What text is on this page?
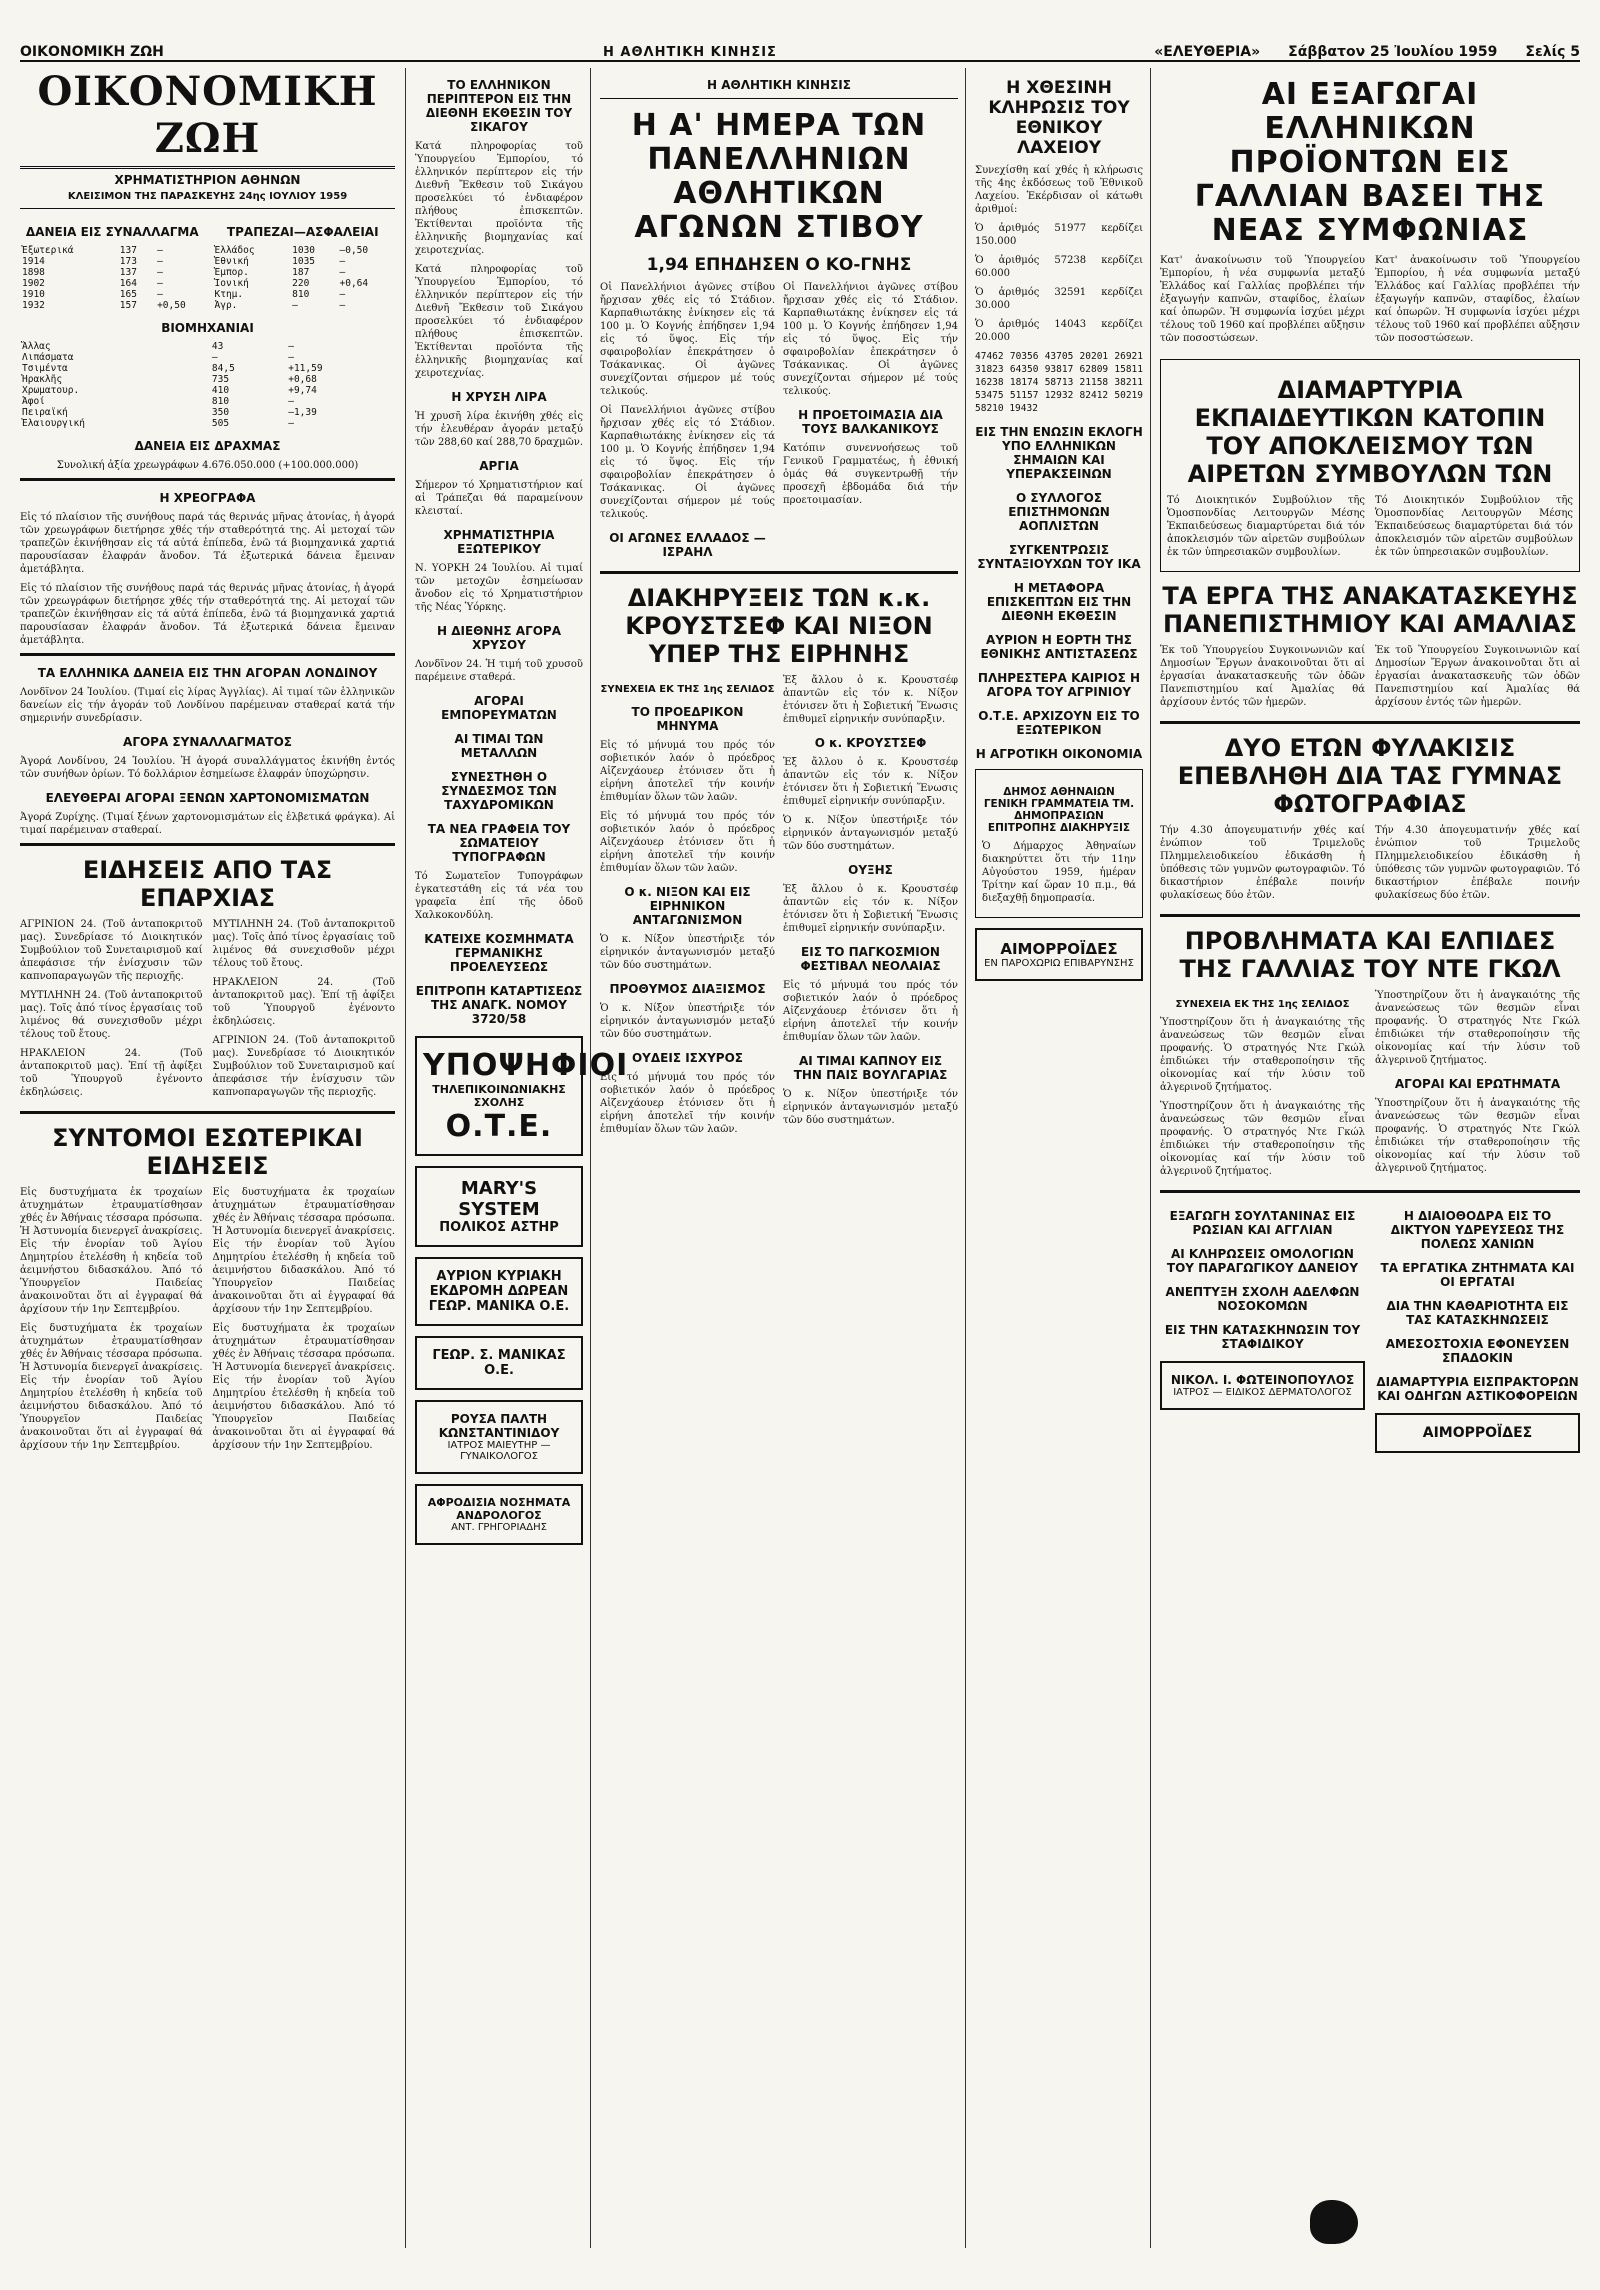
ΟΙΚΟΝΟΜΙΚΗ ΖΩΗ	Η ΑΘΛΗΤΙΚΗ ΚΙΝΗΣΙΣ	«ΕΛΕΥΘΕΡΙΑ» Σάββατον 25 Ἰουλίου 1959 Σελίς 5
ΟΙΚΟΝΟΜΙΚΗ ΖΩΗ
ΧΡΗΜΑΤΙΣΤΗΡΙΟΝ ΑΘΗΝΩΝ
ΚΛΕΙΣΙΜΟΝ ΤΗΣ ΠΑΡΑΣΚΕΥΗΣ 24ης ΙΟΥΛΙΟΥ 1959
ΔΑΝΕΙΑ ΕΙΣ ΣΥΝΑΛΛΑΓΜΑ	ΤΡΑΠΕΖΑΙ—ΑΣΦΑΛΕΙΑΙ
Ἐξωτερικά	137	—	Ἑλλάδος	1030	—0,50
1914	173	—	Ἐθνική	1035	—
1898	137	—	Ἐμπορ.	187	—
1902	164	—	Ἰονική	220	+0,64
1910	165	—	Κτημ.	810	—
1932	157	+0,50	Ἀγρ.	—	—
ΒΙΟΜΗΧΑΝΙΑΙ
Ἄλλας	43	—
Λιπάσματα	—	—
Τσιμέντα	84,5	+11,59
Ἡρακλῆς	735	+0,68
Χρωματουρ.	410	+9,74
Ἀφοί	810	—
Πειραϊκή	350	—1,39
Ἐλαιουργική	505	—
ΔΑΝΕΙΑ ΕΙΣ ΔΡΑΧΜΑΣ
Συνολική ἀξία χρεωγράφων 4.676.050.000 (+100.000.000)
Η ΧΡΕΟΓΡΑΦΑ

Εἰς τό πλαίσιον τῆς συνήθους παρά τάς θερινάς μῆνας ἀτονίας, ἡ ἀγορά τῶν χρεωγράφων διετήρησε χθές τήν σταθερότητά της. Αἱ μετοχαί τῶν τραπεζῶν ἐκινήθησαν εἰς τά αὐτά ἐπίπεδα, ἐνῶ τά βιομηχανικά χαρτιά παρουσίασαν ἐλαφράν ἄνοδον. Τά ἐξωτερικά δάνεια ἔμειναν ἀμετάβλητα.

Εἰς τό πλαίσιον τῆς συνήθους παρά τάς θερινάς μῆνας ἀτονίας, ἡ ἀγορά τῶν χρεωγράφων διετήρησε χθές τήν σταθερότητά της. Αἱ μετοχαί τῶν τραπεζῶν ἐκινήθησαν εἰς τά αὐτά ἐπίπεδα, ἐνῶ τά βιομηχανικά χαρτιά παρουσίασαν ἐλαφράν ἄνοδον. Τά ἐξωτερικά δάνεια ἔμειναν ἀμετάβλητα.

ΤΑ ΕΛΛΗΝΙΚΑ ΔΑΝΕΙΑ ΕΙΣ ΤΗΝ ΑΓΟΡΑΝ ΛΟΝΔΙΝΟΥ

Λονδῖνον 24 Ἰουλίου. (Τιμαί εἰς λίρας Ἀγγλίας). Αἱ τιμαί τῶν ἑλληνικῶν δανείων εἰς τήν ἀγοράν τοῦ Λονδίνου παρέμειναν σταθεραί κατά τήν σημερινήν συνεδρίασιν.

ΑΓΟΡΑ ΣΥΝΑΛΛΑΓΜΑΤΟΣ

Ἀγορά Λονδίνου, 24 Ἰουλίου. Ἡ ἀγορά συναλλάγματος ἐκινήθη ἐντός τῶν συνήθων ὁρίων. Τό δολλάριον ἐσημείωσε ἐλαφράν ὑποχώρησιν.

ΕΛΕΥΘΕΡΑΙ ΑΓΟΡΑΙ ΞΕΝΩΝ ΧΑΡΤΟΝΟΜΙΣΜΑΤΩΝ

Ἀγορά Ζυρίχης. (Τιμαί ξένων χαρτονομισμάτων εἰς ἑλβετικά φράγκα). Αἱ τιμαί παρέμειναν σταθεραί.

ΕΙΔΗΣΕΙΣ ΑΠΟ ΤΑΣ ΕΠΑΡΧΙΑΣ

ΑΓΡΙΝΙΟΝ 24. (Τοῦ ἀνταποκριτοῦ μας). Συνεδρίασε τό Διοικητικόν Συμβούλιον τοῦ Συνεταιρισμοῦ καί ἀπεφάσισε τήν ἐνίσχυσιν τῶν καπνοπαραγωγῶν τῆς περιοχῆς.

ΜΥΤΙΛΗΝΗ 24. (Τοῦ ἀνταποκριτοῦ μας). Τοῖς ἀπό τίνος ἐργασίαις τοῦ λιμένος θά συνεχισθοῦν μέχρι τέλους τοῦ ἔτους.

ΗΡΑΚΛΕΙΟΝ 24. (Τοῦ ἀνταποκριτοῦ μας). Ἐπί τῇ ἀφίξει τοῦ Ὑπουργοῦ ἐγένοντο ἐκδηλώσεις.

ΜΥΤΙΛΗΝΗ 24. (Τοῦ ἀνταποκριτοῦ μας). Τοῖς ἀπό τίνος ἐργασίαις τοῦ λιμένος θά συνεχισθοῦν μέχρι τέλους τοῦ ἔτους.

ΗΡΑΚΛΕΙΟΝ 24. (Τοῦ ἀνταποκριτοῦ μας). Ἐπί τῇ ἀφίξει τοῦ Ὑπουργοῦ ἐγένοντο ἐκδηλώσεις.

ΑΓΡΙΝΙΟΝ 24. (Τοῦ ἀνταποκριτοῦ μας). Συνεδρίασε τό Διοικητικόν Συμβούλιον τοῦ Συνεταιρισμοῦ καί ἀπεφάσισε τήν ἐνίσχυσιν τῶν καπνοπαραγωγῶν τῆς περιοχῆς.

ΣΥΝΤΟΜΟΙ ΕΣΩΤΕΡΙΚΑΙ ΕΙΔΗΣΕΙΣ

Εἰς δυστυχήματα ἐκ τροχαίων ἀτυχημάτων ἐτραυματίσθησαν χθές ἐν Ἀθήναις τέσσαρα πρόσωπα. Ἡ Ἀστυνομία διενεργεῖ ἀνακρίσεις. Εἰς τήν ἐνορίαν τοῦ Ἁγίου Δημητρίου ἐτελέσθη ἡ κηδεία τοῦ ἀειμνήστου διδασκάλου. Ἀπό τό Ὑπουργεῖον Παιδείας ἀνακοινοῦται ὅτι αἱ ἐγγραφαί θά ἀρχίσουν τήν 1ην Σεπτεμβρίου.

Εἰς δυστυχήματα ἐκ τροχαίων ἀτυχημάτων ἐτραυματίσθησαν χθές ἐν Ἀθήναις τέσσαρα πρόσωπα. Ἡ Ἀστυνομία διενεργεῖ ἀνακρίσεις. Εἰς τήν ἐνορίαν τοῦ Ἁγίου Δημητρίου ἐτελέσθη ἡ κηδεία τοῦ ἀειμνήστου διδασκάλου. Ἀπό τό Ὑπουργεῖον Παιδείας ἀνακοινοῦται ὅτι αἱ ἐγγραφαί θά ἀρχίσουν τήν 1ην Σεπτεμβρίου.

Εἰς δυστυχήματα ἐκ τροχαίων ἀτυχημάτων ἐτραυματίσθησαν χθές ἐν Ἀθήναις τέσσαρα πρόσωπα. Ἡ Ἀστυνομία διενεργεῖ ἀνακρίσεις. Εἰς τήν ἐνορίαν τοῦ Ἁγίου Δημητρίου ἐτελέσθη ἡ κηδεία τοῦ ἀειμνήστου διδασκάλου. Ἀπό τό Ὑπουργεῖον Παιδείας ἀνακοινοῦται ὅτι αἱ ἐγγραφαί θά ἀρχίσουν τήν 1ην Σεπτεμβρίου.

Εἰς δυστυχήματα ἐκ τροχαίων ἀτυχημάτων ἐτραυματίσθησαν χθές ἐν Ἀθήναις τέσσαρα πρόσωπα. Ἡ Ἀστυνομία διενεργεῖ ἀνακρίσεις. Εἰς τήν ἐνορίαν τοῦ Ἁγίου Δημητρίου ἐτελέσθη ἡ κηδεία τοῦ ἀειμνήστου διδασκάλου. Ἀπό τό Ὑπουργεῖον Παιδείας ἀνακοινοῦται ὅτι αἱ ἐγγραφαί θά ἀρχίσουν τήν 1ην Σεπτεμβρίου.

ΤΟ ΕΛΛΗΝΙΚΟΝ ΠΕΡΙΠΤΕΡΟΝ ΕΙΣ ΤΗΝ ΔΙΕΘΝΗ ΕΚΘΕΣΙΝ ΤΟΥ ΣΙΚΑΓΟΥ

Κατά πληροφορίας τοῦ Ὑπουργείου Ἐμπορίου, τό ἑλληνικόν περίπτερον εἰς τήν Διεθνῆ Ἔκθεσιν τοῦ Σικάγου προσελκύει τό ἐνδιαφέρον πλήθους ἐπισκεπτῶν. Ἐκτίθενται προϊόντα τῆς ἑλληνικῆς βιομηχανίας καί χειροτεχνίας.

Κατά πληροφορίας τοῦ Ὑπουργείου Ἐμπορίου, τό ἑλληνικόν περίπτερον εἰς τήν Διεθνῆ Ἔκθεσιν τοῦ Σικάγου προσελκύει τό ἐνδιαφέρον πλήθους ἐπισκεπτῶν. Ἐκτίθενται προϊόντα τῆς ἑλληνικῆς βιομηχανίας καί χειροτεχνίας.

Η ΧΡΥΣΗ ΛΙΡΑ

Ἡ χρυσῆ λίρα ἐκινήθη χθές εἰς τήν ἐλευθέραν ἀγοράν μεταξύ τῶν 288,60 καί 288,70 δραχμῶν.

ΑΡΓΙΑ

Σήμερον τό Χρηματιστήριον καί αἱ Τράπεζαι θά παραμείνουν κλεισταί.

ΧΡΗΜΑΤΙΣΤΗΡΙΑ ΕΞΩΤΕΡΙΚΟΥ

Ν. ΥΟΡΚΗ 24 Ἰουλίου. Αἱ τιμαί τῶν μετοχῶν ἐσημείωσαν ἄνοδον εἰς τό Χρηματιστήριον τῆς Νέας Ὑόρκης.

Η ΔΙΕΘΝΗΣ ΑΓΟΡΑ ΧΡΥΣΟΥ

Λονδῖνον 24. Ἡ τιμή τοῦ χρυσοῦ παρέμεινε σταθερά.

ΑΓΟΡΑΙ ΕΜΠΟΡΕΥΜΑΤΩΝ
ΑΙ ΤΙΜΑΙ ΤΩΝ ΜΕΤΑΛΛΩΝ
ΣΥΝΕΣΤΗΘΗ Ο ΣΥΝΔΕΣΜΟΣ ΤΩΝ ΤΑΧΥΔΡΟΜΙΚΩΝ
ΤΑ ΝΕΑ ΓΡΑΦΕΙΑ ΤΟΥ ΣΩΜΑΤΕΙΟΥ ΤΥΠΟΓΡΑΦΩΝ

Τό Σωματεῖον Τυπογράφων ἐγκατεστάθη εἰς τά νέα του γραφεῖα ἐπί τῆς ὁδοῦ Χαλκοκονδύλη.

ΚΑΤΕΙΧΕ ΚΟΣΜΗΜΑΤΑ ΓΕΡΜΑΝΙΚΗΣ ΠΡΟΕΛΕΥΣΕΩΣ
ΕΠΙΤΡΟΠΗ ΚΑΤΑΡΤΙΣΕΩΣ ΤΗΣ ΑΝΑΓΚ. ΝΟΜΟΥ 3720/58
ΥΠΟΨΗΦΙΟΙ
ΤΗΛΕΠΙΚΟΙΝΩΝΙΑΚΗΣ ΣΧΟΛΗΣ
Ο.Τ.Ε.
MARY'S SYSTEM
ΠΟΛΙΚΟΣ ΑΣΤΗΡ
ΑΥΡΙΟΝ ΚΥΡΙΑΚΗ ΕΚΔΡΟΜΗ ΔΩΡΕΑΝ
ΓΕΩΡ. ΜΑΝΙΚΑ Ο.Ε.
ΓΕΩΡ. Σ. ΜΑΝΙΚΑΣ Ο.Ε.
ΡΟΥΣΑ ΠΑΛΤΗ ΚΩΝΣΤΑΝΤΙΝΙΔΟΥ
ΙΑΤΡΟΣ ΜΑΙΕΥΤΗΡ — ΓΥΝΑΙΚΟΛΟΓΟΣ
ΑΦΡΟΔΙΣΙΑ ΝΟΣΗΜΑΤΑ ΑΝΔΡΟΛΟΓΟΣ
ΑΝΤ. ΓΡΗΓΟΡΙΑΔΗΣ
Η ΑΘΛΗΤΙΚΗ ΚΙΝΗΣΙΣ
Η Α' ΗΜΕΡΑ ΤΩΝ ΠΑΝΕΛΛΗΝΙΩΝ ΑΘΛΗΤΙΚΩΝ ΑΓΩΝΩΝ ΣΤΙΒΟΥ
1,94 ΕΠΗΔΗΣΕΝ Ο ΚΟ-ΓΝΗΣ

Οἱ Πανελλήνιοι ἀγῶνες στίβου ἤρχισαν χθές εἰς τό Στάδιον. Καρπαθιωτάκης ἐνίκησεν εἰς τά 100 μ. Ὁ Κογνής ἐπήδησεν 1,94 εἰς τό ὕψος. Εἰς τήν σφαιροβολίαν ἐπεκράτησεν ὁ Τσάκανικας. Οἱ ἀγῶνες συνεχίζονται σήμερον μέ τούς τελικούς.

Οἱ Πανελλήνιοι ἀγῶνες στίβου ἤρχισαν χθές εἰς τό Στάδιον. Καρπαθιωτάκης ἐνίκησεν εἰς τά 100 μ. Ὁ Κογνής ἐπήδησεν 1,94 εἰς τό ὕψος. Εἰς τήν σφαιροβολίαν ἐπεκράτησεν ὁ Τσάκανικας. Οἱ ἀγῶνες συνεχίζονται σήμερον μέ τούς τελικούς.

ΟΙ ΑΓΩΝΕΣ ΕΛΛΑΔΟΣ — ΙΣΡΑΗΛ

Οἱ Πανελλήνιοι ἀγῶνες στίβου ἤρχισαν χθές εἰς τό Στάδιον. Καρπαθιωτάκης ἐνίκησεν εἰς τά 100 μ. Ὁ Κογνής ἐπήδησεν 1,94 εἰς τό ὕψος. Εἰς τήν σφαιροβολίαν ἐπεκράτησεν ὁ Τσάκανικας. Οἱ ἀγῶνες συνεχίζονται σήμερον μέ τούς τελικούς.

Η ΠΡΟΕΤΟΙΜΑΣΙΑ ΔΙΑ ΤΟΥΣ ΒΑΛΚΑΝΙΚΟΥΣ

Κατόπιν συνεννοήσεως τοῦ Γενικοῦ Γραμματέως, ἡ ἐθνική ὁμάς θά συγκεντρωθῇ τήν προσεχῆ ἑβδομάδα διά τήν προετοιμασίαν.

ΔΙΑΚΗΡΥΞΕΙΣ ΤΩΝ κ.κ. ΚΡΟΥΣΤΣΕΦ ΚΑΙ ΝΙΞΟΝ ΥΠΕΡ ΤΗΣ ΕΙΡΗΝΗΣ
ΣΥΝΕΧΕΙΑ ΕΚ ΤΗΣ 1ης ΣΕΛΙΔΟΣ
ΤΟ ΠΡΟΕΔΡΙΚΟΝ ΜΗΝΥΜΑ

Εἰς τό μήνυμά του πρός τόν σοβιετικόν λαόν ὁ πρόεδρος Αἰζενχάουερ ἐτόνισεν ὅτι ἡ εἰρήνη ἀποτελεῖ τήν κοινήν ἐπιθυμίαν ὅλων τῶν λαῶν.

Εἰς τό μήνυμά του πρός τόν σοβιετικόν λαόν ὁ πρόεδρος Αἰζενχάουερ ἐτόνισεν ὅτι ἡ εἰρήνη ἀποτελεῖ τήν κοινήν ἐπιθυμίαν ὅλων τῶν λαῶν.

Ο κ. ΝΙΞΟΝ ΚΑΙ ΕΙΣ ΕΙΡΗΝΙΚΟΝ ΑΝΤΑΓΩΝΙΣΜΟΝ

Ὁ κ. Νίξον ὑπεστήριξε τόν εἰρηνικόν ἀνταγωνισμόν μεταξύ τῶν δύο συστημάτων.

ΠΡΟΘΥΜΟΣ ΔΙΑΞΙΣΜΟΣ

Ὁ κ. Νίξον ὑπεστήριξε τόν εἰρηνικόν ἀνταγωνισμόν μεταξύ τῶν δύο συστημάτων.

ΟΥΔΕΙΣ ΙΣΧΥΡΟΣ

Εἰς τό μήνυμά του πρός τόν σοβιετικόν λαόν ὁ πρόεδρος Αἰζενχάουερ ἐτόνισεν ὅτι ἡ εἰρήνη ἀποτελεῖ τήν κοινήν ἐπιθυμίαν ὅλων τῶν λαῶν.

Ἐξ ἄλλου ὁ κ. Κρουστσέφ ἀπαντῶν εἰς τόν κ. Νίξον ἐτόνισεν ὅτι ἡ Σοβιετική Ἕνωσις ἐπιθυμεῖ εἰρηνικήν συνύπαρξιν.

Ο κ. ΚΡΟΥΣΤΣΕΦ

Ἐξ ἄλλου ὁ κ. Κρουστσέφ ἀπαντῶν εἰς τόν κ. Νίξον ἐτόνισεν ὅτι ἡ Σοβιετική Ἕνωσις ἐπιθυμεῖ εἰρηνικήν συνύπαρξιν.

Ὁ κ. Νίξον ὑπεστήριξε τόν εἰρηνικόν ἀνταγωνισμόν μεταξύ τῶν δύο συστημάτων.

ΟΥΞΗΣ

Ἐξ ἄλλου ὁ κ. Κρουστσέφ ἀπαντῶν εἰς τόν κ. Νίξον ἐτόνισεν ὅτι ἡ Σοβιετική Ἕνωσις ἐπιθυμεῖ εἰρηνικήν συνύπαρξιν.

ΕΙΣ ΤΟ ΠΑΓΚΟΣΜΙΟΝ ΦΕΣΤΙΒΑΛ ΝΕΟΛΑΙΑΣ

Εἰς τό μήνυμά του πρός τόν σοβιετικόν λαόν ὁ πρόεδρος Αἰζενχάουερ ἐτόνισεν ὅτι ἡ εἰρήνη ἀποτελεῖ τήν κοινήν ἐπιθυμίαν ὅλων τῶν λαῶν.

ΑΙ ΤΙΜΑΙ ΚΑΠΝΟΥ ΕΙΣ ΤΗΝ ΠΑΙΣ ΒΟΥΛΓΑΡΙΑΣ

Ὁ κ. Νίξον ὑπεστήριξε τόν εἰρηνικόν ἀνταγωνισμόν μεταξύ τῶν δύο συστημάτων.

Η ΧΘΕΣΙΝΗ ΚΛΗΡΩΣΙΣ ΤΟΥ ΕΘΝΙΚΟΥ ΛΑΧΕΙΟΥ

Συνεχίσθη καί χθές ἡ κλήρωσις τῆς 4ης ἐκδόσεως τοῦ Ἐθνικοῦ Λαχείου. Ἐκέρδισαν οἱ κάτωθι ἀριθμοί:

Ὁ ἀριθμός 51977 κερδίζει 150.000

Ὁ ἀριθμός 57238 κερδίζει 60.000

Ὁ ἀριθμός 32591 κερδίζει 30.000

Ὁ ἀριθμός 14043 κερδίζει 20.000

47462 70356 43705 20201 26921 31823 64350 93817 62809 15811 16238 18174 58713 21158 38211 53475 51157 12932 82412 50219 58210 19432

ΕΙΣ ΤΗΝ ΕΝΩΣΙΝ ΕΚΛΟΓΗ ΥΠΟ ΕΛΛΗΝΙΚΩΝ ΣΗΜΑΙΩΝ ΚΑΙ ΥΠΕΡΑΚΣΕΙΝΩΝ
Ο ΣΥΛΛΟΓΟΣ ΕΠΙΣΤΗΜΟΝΩΝ ΑΟΠΛΙΣΤΩΝ
ΣΥΓΚΕΝΤΡΩΣΙΣ ΣΥΝΤΑΞΙΟΥΧΩΝ ΤΟΥ ΙΚΑ
Η ΜΕΤΑΦΟΡΑ ΕΠΙΣΚΕΠΤΩΝ ΕΙΣ ΤΗΝ ΔΙΕΘΝΗ ΕΚΘΕΣΙΝ
ΑΥΡΙΟΝ Η ΕΟΡΤΗ ΤΗΣ ΕΘΝΙΚΗΣ ΑΝΤΙΣΤΑΣΕΩΣ
ΠΛΗΡΕΣΤΕΡΑ ΚΑΙΡΙΟΣ Η ΑΓΟΡΑ ΤΟΥ ΑΓΡΙΝΙΟΥ
Ο.Τ.Ε. ΑΡΧΙΖΟΥΝ ΕΙΣ ΤΟ ΕΞΩΤΕΡΙΚΟΝ
Η ΑΓΡΟΤΙΚΗ ΟΙΚΟΝΟΜΙΑ
ΔΗΜΟΣ ΑΘΗΝΑΙΩΝ ΓΕΝΙΚΗ ΓΡΑΜΜΑΤΕΙΑ ΤΜ. ΔΗΜΟΠΡΑΣΙΩΝ ΕΠΙΤΡΟΠΗΣ ΔΙΑΚΗΡΥΞΙΣ

Ὁ Δήμαρχος Ἀθηναίων διακηρύττει ὅτι τήν 11ην Αὐγούστου 1959, ἡμέραν Τρίτην καί ὥραν 10 π.μ., θά διεξαχθῇ δημοπρασία.

ΑΙΜΟΡΡΟΪΔΕΣ
ΕΝ ΠΑΡΟΧΩΡΙΩ ΕΠΙΒΑΡΥΝΣΗΣ
ΑΙ ΕΞΑΓΩΓΑΙ ΕΛΛΗΝΙΚΩΝ ΠΡΟΪΟΝΤΩΝ ΕΙΣ ΓΑΛΛΙΑΝ ΒΑΣΕΙ ΤΗΣ ΝΕΑΣ ΣΥΜΦΩΝΙΑΣ

Κατ' ἀνακοίνωσιν τοῦ Ὑπουργείου Ἐμπορίου, ἡ νέα συμφωνία μεταξύ Ἑλλάδος καί Γαλλίας προβλέπει τήν ἐξαγωγήν καπνῶν, σταφίδος, ἐλαίων καί ὀπωρῶν. Ἡ συμφωνία ἰσχύει μέχρι τέλους τοῦ 1960 καί προβλέπει αὔξησιν τῶν ποσοστώσεων.

Κατ' ἀνακοίνωσιν τοῦ Ὑπουργείου Ἐμπορίου, ἡ νέα συμφωνία μεταξύ Ἑλλάδος καί Γαλλίας προβλέπει τήν ἐξαγωγήν καπνῶν, σταφίδος, ἐλαίων καί ὀπωρῶν. Ἡ συμφωνία ἰσχύει μέχρι τέλους τοῦ 1960 καί προβλέπει αὔξησιν τῶν ποσοστώσεων.

ΔΙΑΜΑΡΤΥΡΙΑ ΕΚΠΑΙΔΕΥΤΙΚΩΝ ΚΑΤΟΠΙΝ ΤΟΥ ΑΠΟΚΛΕΙΣΜΟΥ ΤΩΝ ΑΙΡΕΤΩΝ ΣΥΜΒΟΥΛΩΝ ΤΩΝ

Τό Διοικητικόν Συμβούλιον τῆς Ὁμοσπονδίας Λειτουργῶν Μέσης Ἐκπαιδεύσεως διαμαρτύρεται διά τόν ἀποκλεισμόν τῶν αἱρετῶν συμβούλων ἐκ τῶν ὑπηρεσιακῶν συμβουλίων.

Τό Διοικητικόν Συμβούλιον τῆς Ὁμοσπονδίας Λειτουργῶν Μέσης Ἐκπαιδεύσεως διαμαρτύρεται διά τόν ἀποκλεισμόν τῶν αἱρετῶν συμβούλων ἐκ τῶν ὑπηρεσιακῶν συμβουλίων.

ΤΑ ΕΡΓΑ ΤΗΣ ΑΝΑΚΑΤΑΣΚΕΥΗΣ ΠΑΝΕΠΙΣΤΗΜΙΟΥ ΚΑΙ ΑΜΑΛΙΑΣ

Ἐκ τοῦ Ὑπουργείου Συγκοινωνιῶν καί Δημοσίων Ἔργων ἀνακοινοῦται ὅτι αἱ ἐργασίαι ἀνακατασκευῆς τῶν ὁδῶν Πανεπιστημίου καί Ἀμαλίας θά ἀρχίσουν ἐντός τῶν ἡμερῶν.

Ἐκ τοῦ Ὑπουργείου Συγκοινωνιῶν καί Δημοσίων Ἔργων ἀνακοινοῦται ὅτι αἱ ἐργασίαι ἀνακατασκευῆς τῶν ὁδῶν Πανεπιστημίου καί Ἀμαλίας θά ἀρχίσουν ἐντός τῶν ἡμερῶν.

ΔΥΟ ΕΤΩΝ ΦΥΛΑΚΙΣΙΣ ΕΠΕΒΛΗΘΗ ΔΙΑ ΤΑΣ ΓΥΜΝΑΣ ΦΩΤΟΓΡΑΦΙΑΣ

Τήν 4.30 ἀπογευματινήν χθές καί ἐνώπιον τοῦ Τριμελοῦς Πλημμελειοδικείου ἐδικάσθη ἡ ὑπόθεσις τῶν γυμνῶν φωτογραφιῶν. Τό δικαστήριον ἐπέβαλε ποινήν φυλακίσεως δύο ἐτῶν.

Τήν 4.30 ἀπογευματινήν χθές καί ἐνώπιον τοῦ Τριμελοῦς Πλημμελειοδικείου ἐδικάσθη ἡ ὑπόθεσις τῶν γυμνῶν φωτογραφιῶν. Τό δικαστήριον ἐπέβαλε ποινήν φυλακίσεως δύο ἐτῶν.

ΠΡΟΒΛΗΜΑΤΑ ΚΑΙ ΕΛΠΙΔΕΣ ΤΗΣ ΓΑΛΛΙΑΣ ΤΟΥ ΝΤΕ ΓΚΩΛ
ΣΥΝΕΧΕΙΑ ΕΚ ΤΗΣ 1ης ΣΕΛΙΔΟΣ

Ὑποστηρίζουν ὅτι ἡ ἀναγκαιότης τῆς ἀνανεώσεως τῶν θεσμῶν εἶναι προφανής. Ὁ στρατηγός Ντε Γκώλ ἐπιδιώκει τήν σταθεροποίησιν τῆς οἰκονομίας καί τήν λύσιν τοῦ ἀλγερινοῦ ζητήματος.

Ὑποστηρίζουν ὅτι ἡ ἀναγκαιότης τῆς ἀνανεώσεως τῶν θεσμῶν εἶναι προφανής. Ὁ στρατηγός Ντε Γκώλ ἐπιδιώκει τήν σταθεροποίησιν τῆς οἰκονομίας καί τήν λύσιν τοῦ ἀλγερινοῦ ζητήματος.

Ὑποστηρίζουν ὅτι ἡ ἀναγκαιότης τῆς ἀνανεώσεως τῶν θεσμῶν εἶναι προφανής. Ὁ στρατηγός Ντε Γκώλ ἐπιδιώκει τήν σταθεροποίησιν τῆς οἰκονομίας καί τήν λύσιν τοῦ ἀλγερινοῦ ζητήματος.

ΑΓΟΡΑΙ ΚΑΙ ΕΡΩΤΗΜΑΤΑ

Ὑποστηρίζουν ὅτι ἡ ἀναγκαιότης τῆς ἀνανεώσεως τῶν θεσμῶν εἶναι προφανής. Ὁ στρατηγός Ντε Γκώλ ἐπιδιώκει τήν σταθεροποίησιν τῆς οἰκονομίας καί τήν λύσιν τοῦ ἀλγερινοῦ ζητήματος.

ΕΞΑΓΩΓΗ ΣΟΥΛΤΑΝΙΝΑΣ ΕΙΣ ΡΩΣΙΑΝ ΚΑΙ ΑΓΓΛΙΑΝ
ΑΙ ΚΛΗΡΩΣΕΙΣ ΟΜΟΛΟΓΙΩΝ ΤΟΥ ΠΑΡΑΓΩΓΙΚΟΥ ΔΑΝΕΙΟΥ
ΑΝΕΠΤΥΞΗ ΣΧΟΛΗ ΑΔΕΛΦΩΝ ΝΟΣΟΚΟΜΩΝ
ΕΙΣ ΤΗΝ ΚΑΤΑΣΚΗΝΩΣΙΝ ΤΟΥ ΣΤΑΦΙΔΙΚΟΥ
ΝΙΚΟΛ. Ι. ΦΩΤΕΙΝΟΠΟΥΛΟΣ
ΙΑΤΡΟΣ — ΕΙΔΙΚΟΣ ΔΕΡΜΑΤΟΛΟΓΟΣ
Η ΔΙΑΙΟΘΟΔΡΑ ΕΙΣ ΤΟ ΔΙΚΤΥΟΝ ΥΔΡΕΥΣΕΩΣ ΤΗΣ ΠΟΛΕΩΣ ΧΑΝΙΩΝ
ΤΑ ΕΡΓΑΤΙΚΑ ΖΗΤΗΜΑΤΑ ΚΑΙ ΟΙ ΕΡΓΑΤΑΙ
ΔΙΑ ΤΗΝ ΚΑΘΑΡΙΟΤΗΤΑ ΕΙΣ ΤΑΣ ΚΑΤΑΣΚΗΝΩΣΕΙΣ
ΑΜΕΣΟΣΤΟΧΙΑ ΕΦΟΝΕΥΣΕΝ ΣΠΑΔΟΚΙΝ
ΔΙΑΜΑΡΤΥΡΙΑ ΕΙΣΠΡΑΚΤΟΡΩΝ ΚΑΙ ΟΔΗΓΩΝ ΑΣΤΙΚΟΦΟΡΕΙΩΝ
ΑΙΜΟΡΡΟΪΔΕΣ
